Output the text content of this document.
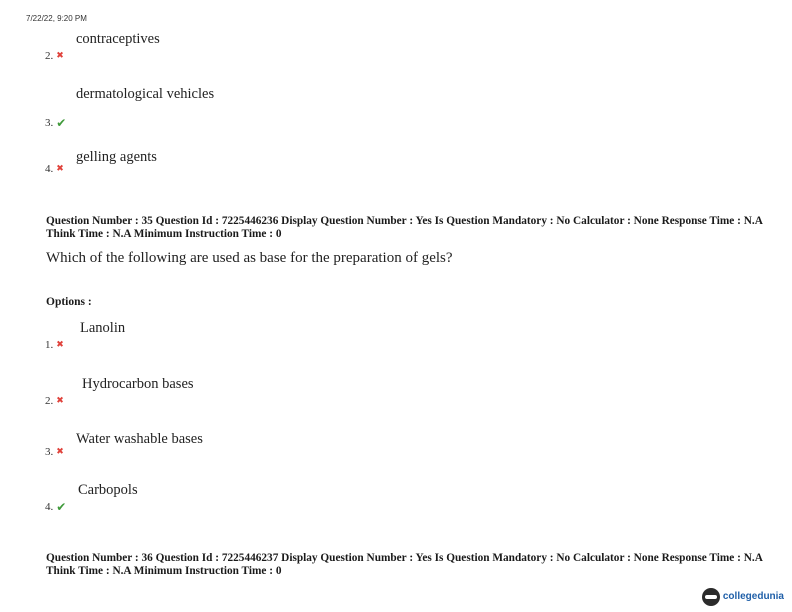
7/22/22, 9:20 PM
contraceptives
2. ✖
dermatological vehicles
3. ✔
gelling agents
4. ✖
Question Number : 35 Question Id : 7225446236 Display Question Number : Yes Is Question Mandatory : No Calculator : None Response Time : N.A Think Time : N.A Minimum Instruction Time : 0
Which of the following are used as base for the preparation of gels?
Options :
Lanolin
1. ✖
Hydrocarbon bases
2. ✖
Water washable bases
3. ✖
Carbopols
4. ✔
Question Number : 36 Question Id : 7225446237 Display Question Number : Yes Is Question Mandatory : No Calculator : None Response Time : N.A Think Time : N.A Minimum Instruction Time : 0
collegedunia
